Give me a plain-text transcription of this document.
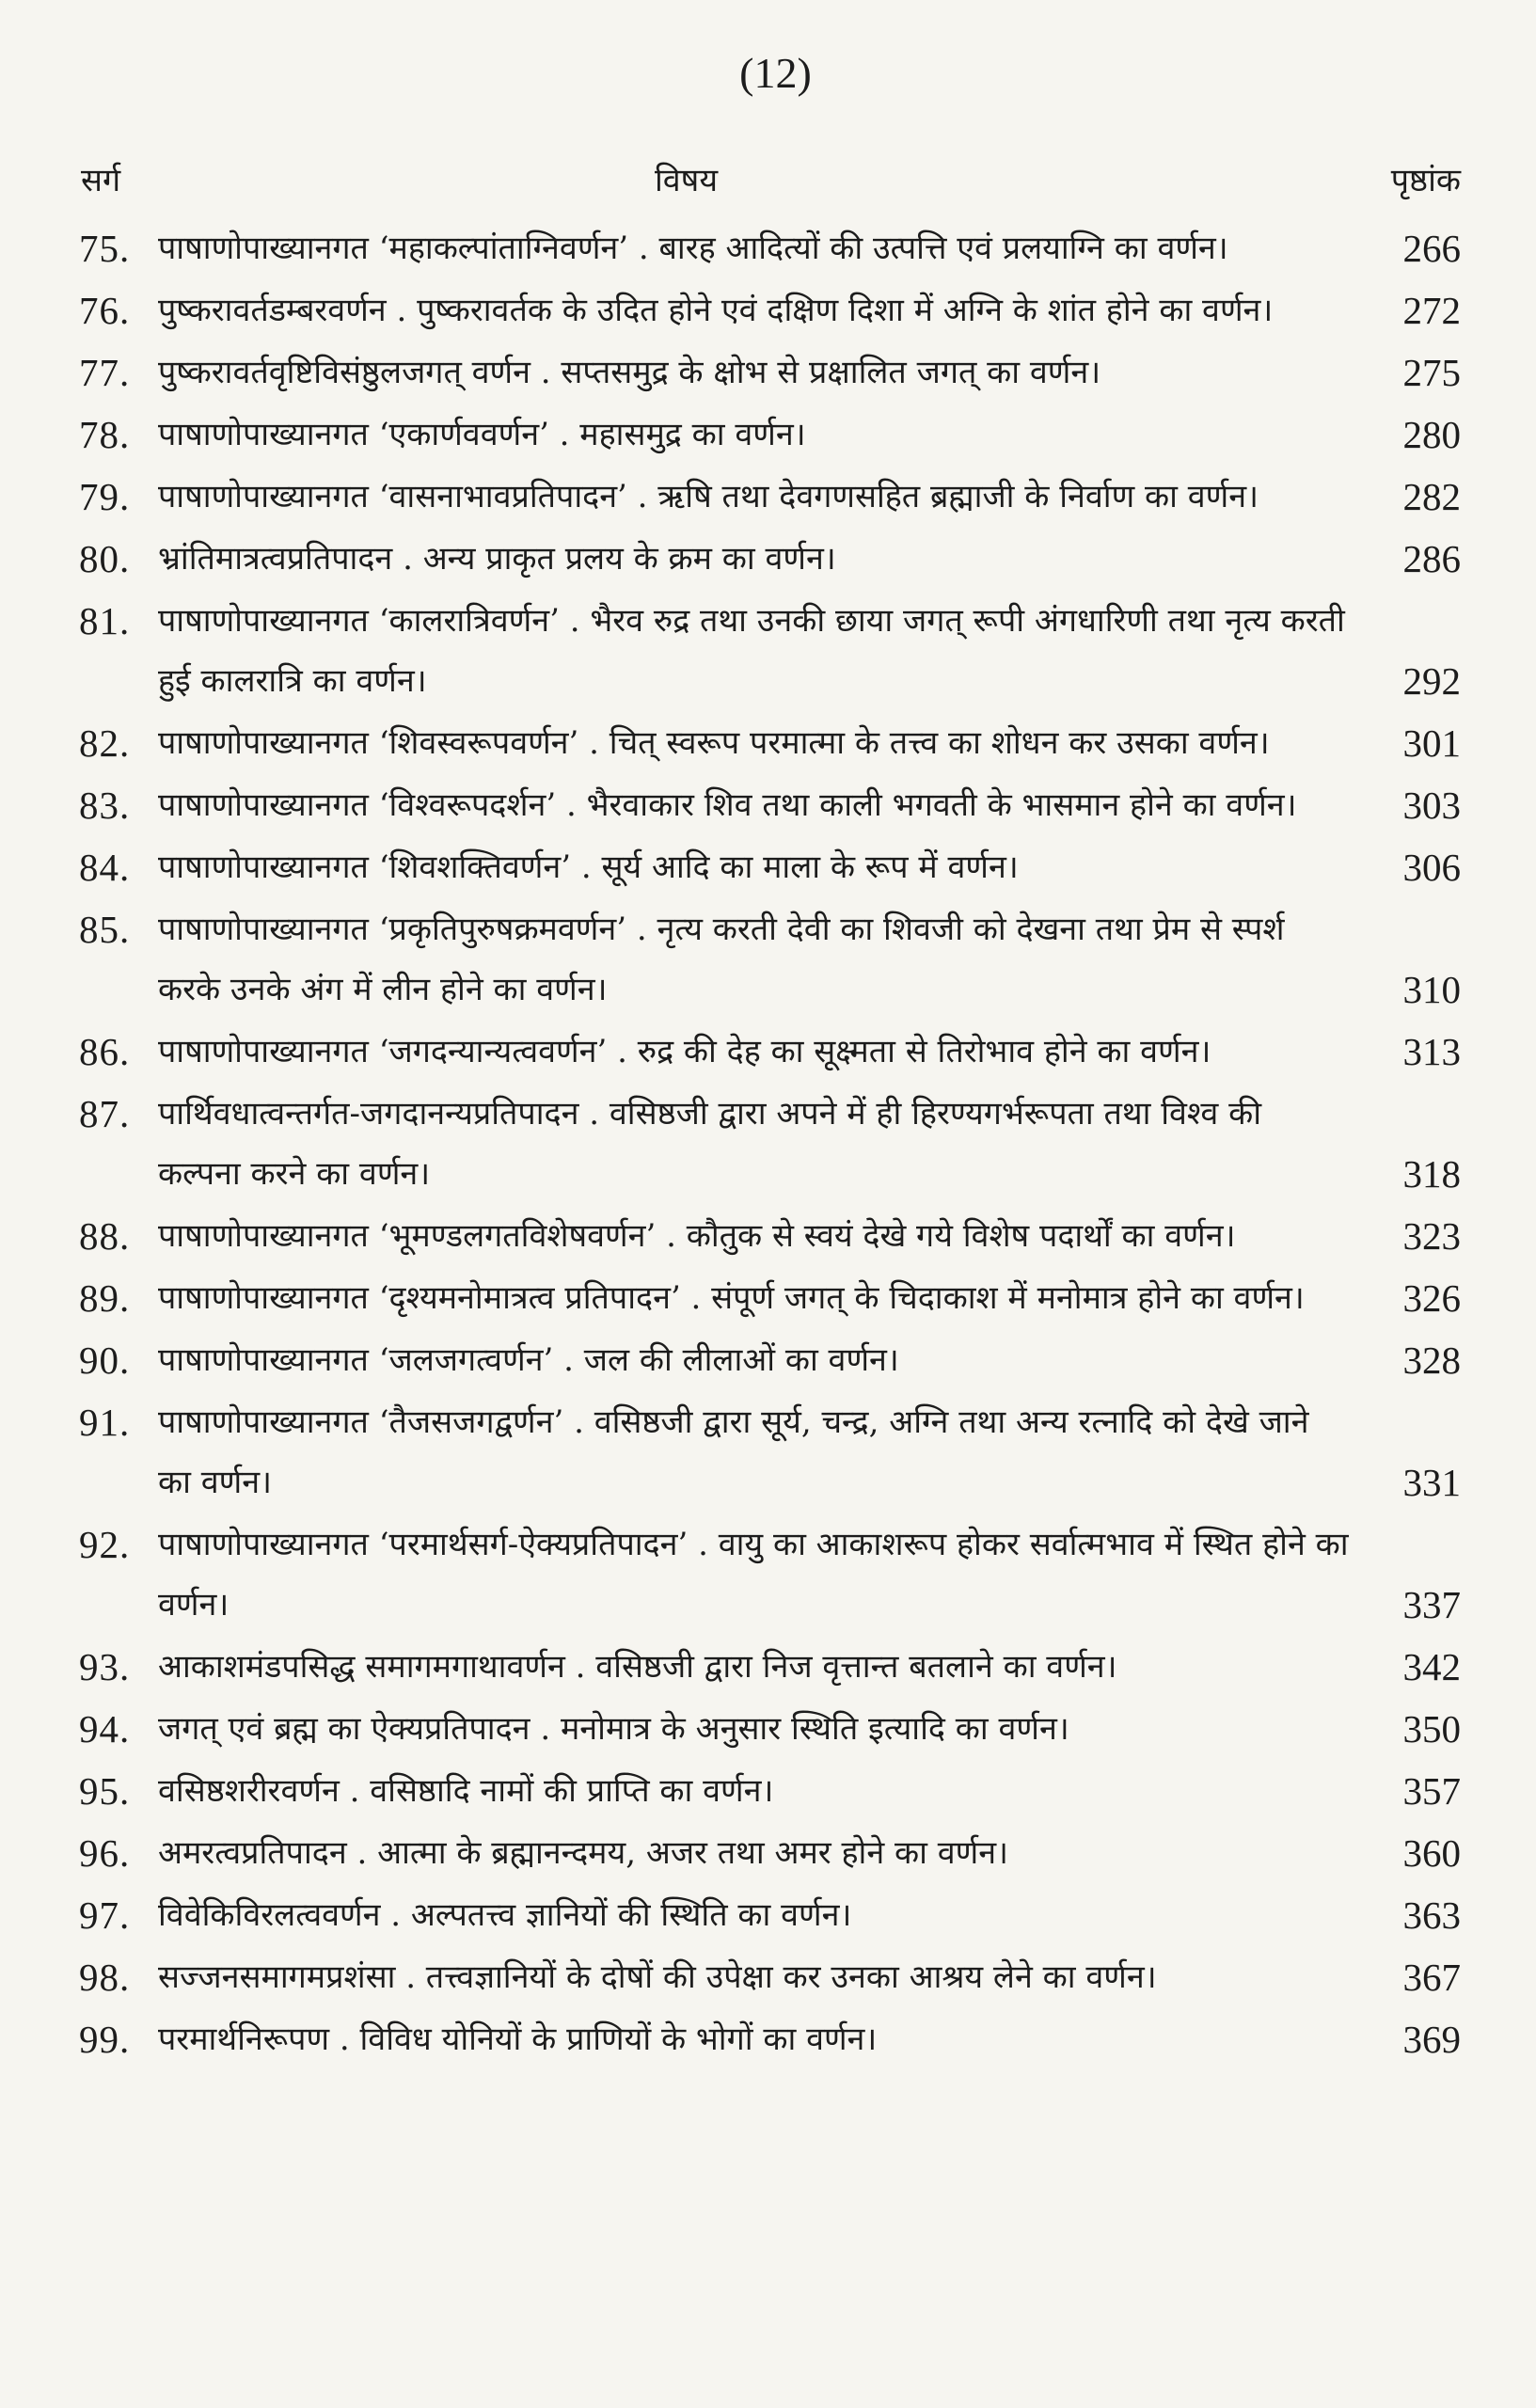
(12)
सर्ग	विषय	पृष्ठांक
75. पाषाणोपाख्यानगत ‘महाकल्पांताग्निवर्णन’ . बारह आदित्यों की उत्पत्ति एवं प्रलयाग्नि का वर्णन।	266
76. पुष्करावर्तडम्बरवर्णन . पुष्करावर्तक के उदित होने एवं दक्षिण दिशा में अग्नि के शांत होने का वर्णन।	272
77. पुष्करावर्तवृष्टिविसंष्ठुलजगत् वर्णन . सप्तसमुद्र के क्षोभ से प्रक्षालित जगत् का वर्णन।	275
78. पाषाणोपाख्यानगत ‘एकार्णववर्णन’ . महासमुद्र का वर्णन।	280
79. पाषाणोपाख्यानगत ‘वासनाभावप्रतिपादन’ . ऋषि तथा देवगणसहित ब्रह्माजी के निर्वाण का वर्णन।	282
80. भ्रांतिमात्रत्वप्रतिपादन . अन्य प्राकृत प्रलय के क्रम का वर्णन।	286
81. पाषाणोपाख्यानगत ‘कालरात्रिवर्णन’ . भैरव रुद्र तथा उनकी छाया जगत् रूपी अंगधारिणी तथा नृत्य करती हुई कालरात्रि का वर्णन।	292
82. पाषाणोपाख्यानगत ‘शिवस्वरूपवर्णन’ . चित् स्वरूप परमात्मा के तत्त्व का शोधन कर उसका वर्णन।	301
83. पाषाणोपाख्यानगत ‘विश्वरूपदर्शन’ . भैरवाकार शिव तथा काली भगवती के भासमान होने का वर्णन।	303
84. पाषाणोपाख्यानगत ‘शिवशक्तिवर्णन’ . सूर्य आदि का माला के रूप में वर्णन।	306
85. पाषाणोपाख्यानगत ‘प्रकृतिपुरुषक्रमवर्णन’ . नृत्य करती देवी का शिवजी को देखना तथा प्रेम से स्पर्श करके उनके अंग में लीन होने का वर्णन।	310
86. पाषाणोपाख्यानगत ‘जगदन्यान्यत्ववर्णन’ . रुद्र की देह का सूक्ष्मता से तिरोभाव होने का वर्णन।	313
87. पार्थिवधात्वन्तर्गत-जगदानन्यप्रतिपादन . वसिष्ठजी द्वारा अपने में ही हिरण्यगर्भरूपता तथा विश्व की कल्पना करने का वर्णन।	318
88. पाषाणोपाख्यानगत ‘भूमण्डलगतविशेषवर्णन’ . कौतुक से स्वयं देखे गये विशेष पदार्थों का वर्णन।	323
89. पाषाणोपाख्यानगत ‘दृश्यमनोमात्रत्व प्रतिपादन’ . संपूर्ण जगत् के चिदाकाश में मनोमात्र होने का वर्णन।	326
90. पाषाणोपाख्यानगत ‘जलजगत्वर्णन’ . जल की लीलाओं का वर्णन।	328
91. पाषाणोपाख्यानगत ‘तैजसजगद्वर्णन’ . वसिष्ठजी द्वारा सूर्य, चन्द्र, अग्नि तथा अन्य रत्नादि को देखे जाने का वर्णन।	331
92. पाषाणोपाख्यानगत ‘परमार्थसर्ग-ऐक्यप्रतिपादन’ . वायु का आकाशरूप होकर सर्वात्मभाव में स्थित होने का वर्णन।	337
93. आकाशमंडपसिद्ध समागमगाथावर्णन . वसिष्ठजी द्वारा निज वृत्तान्त बतलाने का वर्णन।	342
94. जगत् एवं ब्रह्म का ऐक्यप्रतिपादन . मनोमात्र के अनुसार स्थिति इत्यादि का वर्णन।	350
95. वसिष्ठशरीरवर्णन . वसिष्ठादि नामों की प्राप्ति का वर्णन।	357
96. अमरत्वप्रतिपादन . आत्मा के ब्रह्मानन्दमय, अजर तथा अमर होने का वर्णन।	360
97. विवेकिविरलत्ववर्णन . अल्पतत्त्व ज्ञानियों की स्थिति का वर्णन।	363
98. सज्जनसमागमप्रशंसा . तत्त्वज्ञानियों के दोषों की उपेक्षा कर उनका आश्रय लेने का वर्णन।	367
99. परमार्थनिरूपण . विविध योनियों के प्राणियों के भोगों का वर्णन।	369
